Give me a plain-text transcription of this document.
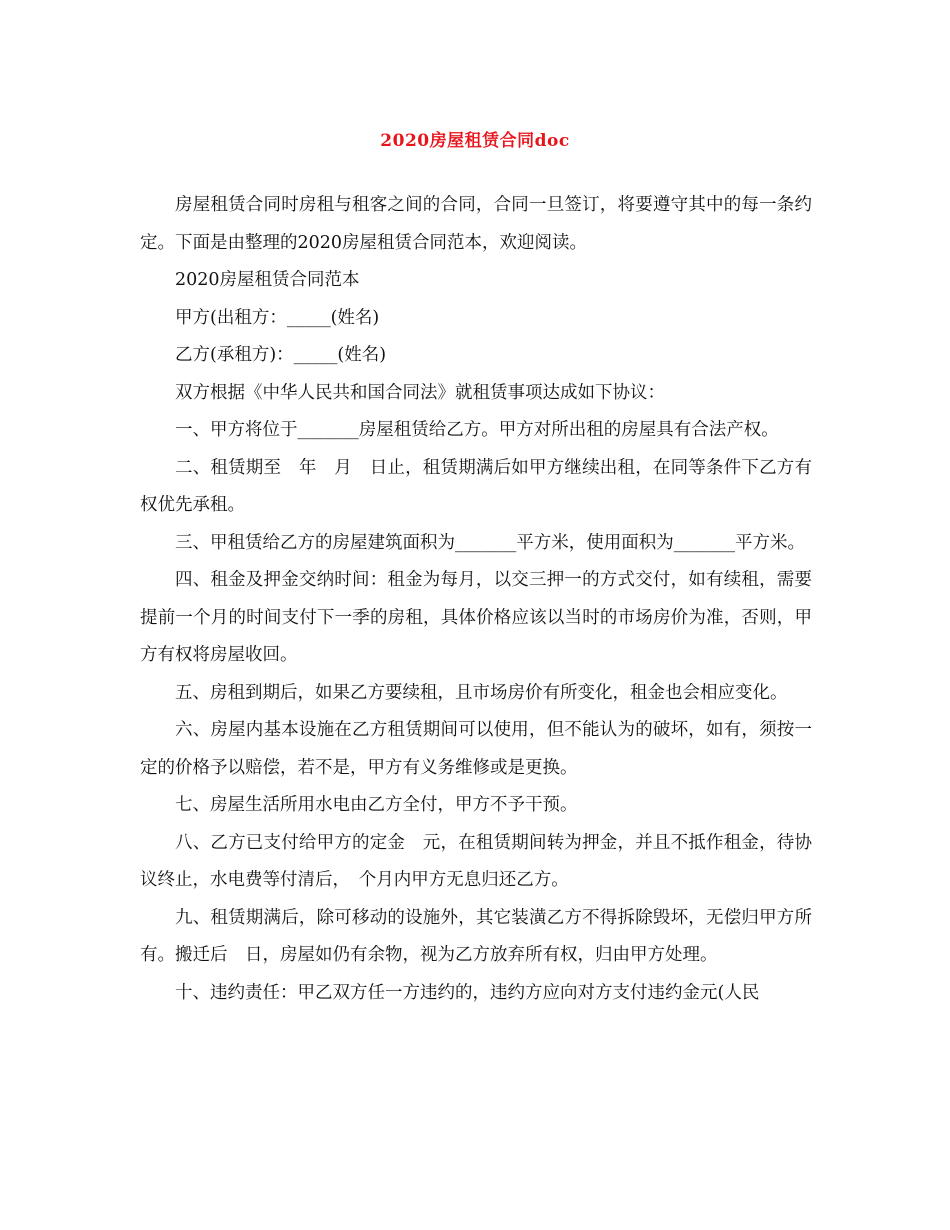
2020房屋租赁合同doc

房屋租赁合同时房租与租客之间的合同，合同一旦签订，将要遵守其中的每一条约定。下面是由整理的2020房屋租赁合同范本，欢迎阅读。

2020房屋租赁合同范本

甲方(出租方：_____(姓名)

乙方(承租方)：_____(姓名)

双方根据《中华人民共和国合同法》就租赁事项达成如下协议：

一、甲方将位于_______房屋租赁给乙方。甲方对所出租的房屋具有合法产权。

二、租赁期至　年　月　日止，租赁期满后如甲方继续出租，在同等条件下乙方有权优先承租。

三、甲租赁给乙方的房屋建筑面积为_______平方米，使用面积为_______平方米。

四、租金及押金交纳时间：租金为每月，以交三押一的方式交付，如有续租，需要提前一个月的时间支付下一季的房租，具体价格应该以当时的市场房价为准，否则，甲方有权将房屋收回。

五、房租到期后，如果乙方要续租，且市场房价有所变化，租金也会相应变化。

六、房屋内基本设施在乙方租赁期间可以使用，但不能认为的破坏，如有，须按一定的价格予以赔偿，若不是，甲方有义务维修或是更换。

七、房屋生活所用水电由乙方全付，甲方不予干预。

八、乙方已支付给甲方的定金　元，在租赁期间转为押金，并且不抵作租金，待协议终止，水电费等付清后，　个月内甲方无息归还乙方。

九、租赁期满后，除可移动的设施外，其它装潢乙方不得拆除毁坏，无偿归甲方所有。搬迁后　日，房屋如仍有余物，视为乙方放弃所有权，归由甲方处理。

十、违约责任：甲乙双方任一方违约的，违约方应向对方支付违约金元(人民
